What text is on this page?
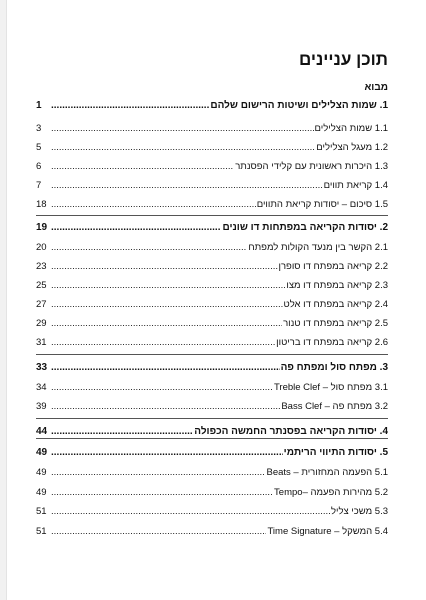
תוכן עניינים
מבוא
1.

שמות הצלילים ושיטות הרישום שלהם
.....
1
1.1

שמות הצלילים
.....
3
1.2

מעגל הצלילים
.....
5
1.3

היכרות ראשונית עם קלידי הפסנתר
.....
6
1.4

קריאת תווים
.....
7
1.5

סיכום – יסודות קריאת התווים
.....
18
2.

יסודות הקריאה במפתחות דו שונים
.....
19
2.1

הקשר בין מנעד הקולות למפתח
.....
20
2.2

קריאה במפתח דו סופרן
.....
23
2.3

קריאה במפתח דו מצו
.....
25
2.4

קריאה במפתח דו אלט
.....
27
2.5

קריאה במפתח דו טנור
.....
29
2.6

קריאה במפתח דו בריטון
.....
31
3.

מפתח סול ומפתח פה
.....
33
3.1

מפתח סול – Treble Clef
.....
34
3.2

מפתח פה – Bass Clef
.....
39
4.

יסודות הקריאה בפסנתר החמשה הכפולה
.....
44
5.

יסודות התיווי הריתמי
.....
49
5.1

הפעמה המחזורית – Beats
.....
49
5.2

מהירות הפעמה –Tempo
.....
49
5.3

משכי צליל
.....
51
5.4

המשקל – Time Signature
.....
51
